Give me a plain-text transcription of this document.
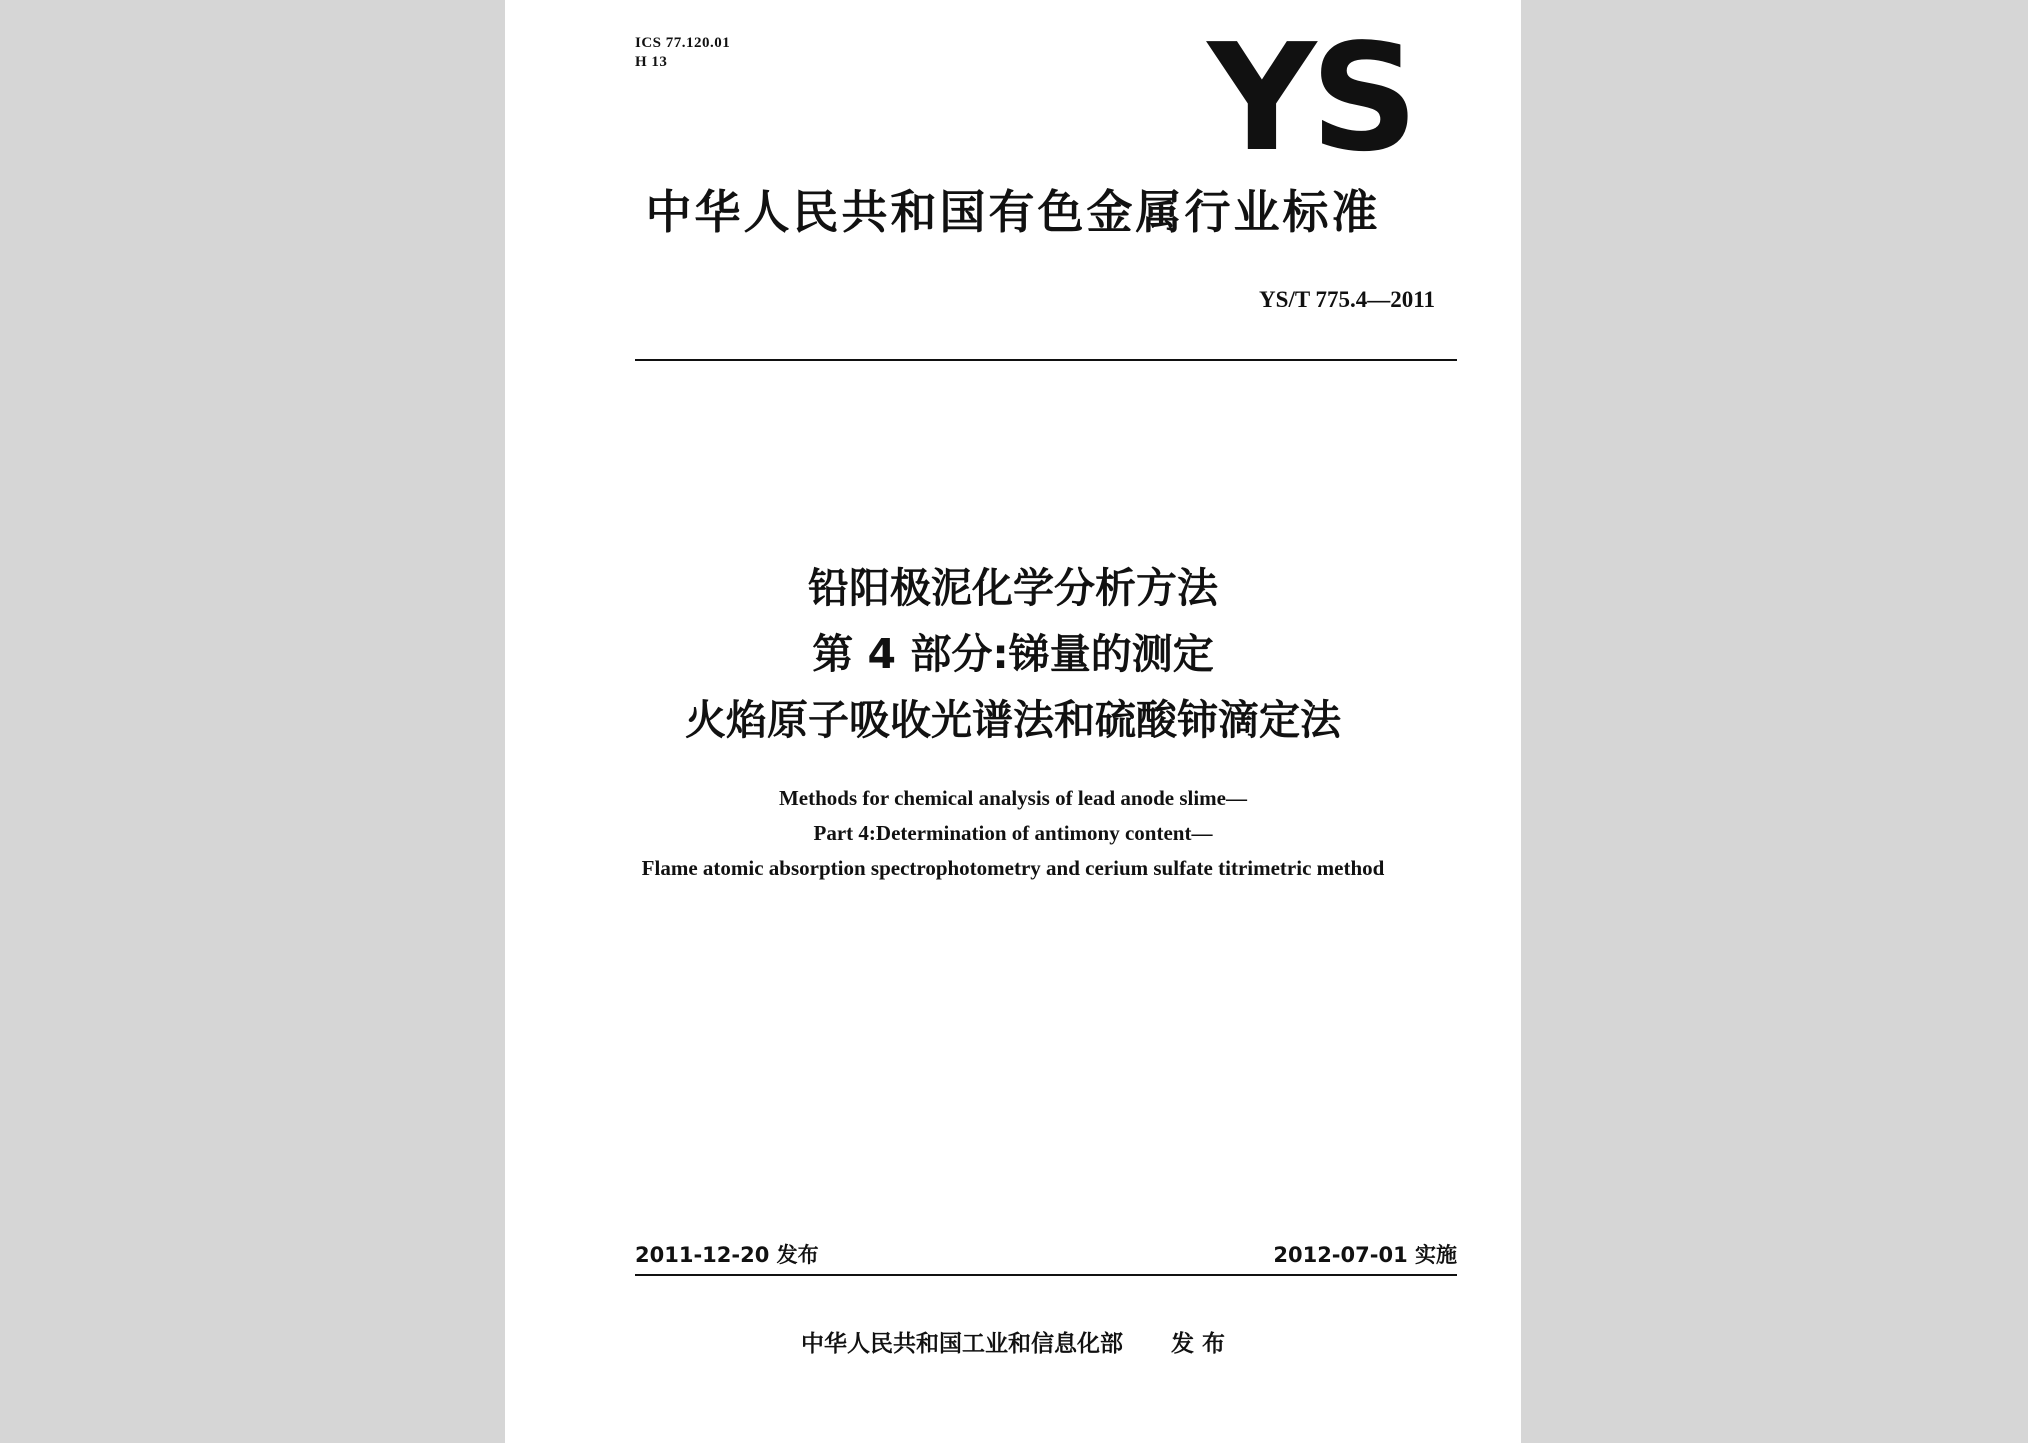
ICS 77.120.01
H 13	YS
中华人民共和国有色金属行业标准
YS/T 775.4—2011
铅阳极泥化学分析方法
第 4 部分:锑量的测定
火焰原子吸收光谱法和硫酸铈滴定法
Methods for chemical analysis of lead anode slime—
Part 4:Determination of antimony content—
Flame atomic absorption spectrophotometry and cerium sulfate titrimetric method
2011-12-20 发布	2012-07-01 实施
中华人民共和国工业和信息化部 发 布
